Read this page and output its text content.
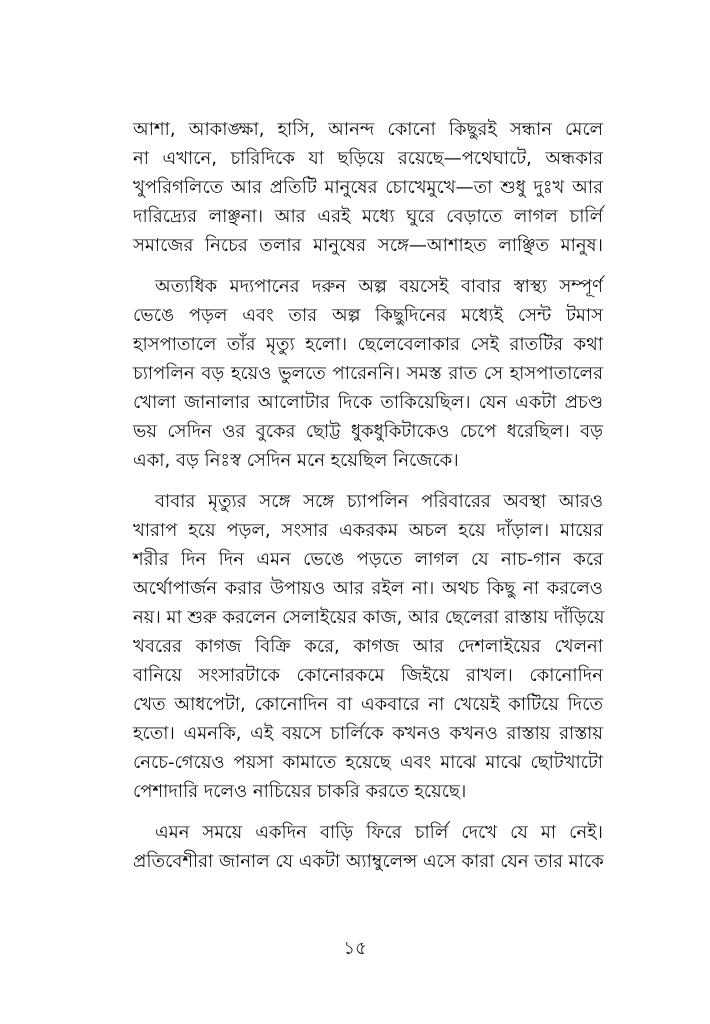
আশা, আকাঙ্ক্ষা, হাসি, আনন্দ কোনো কিছুরই সন্ধান মেলে
না এখানে, চারিদিকে যা ছড়িয়ে রয়েছে—পথেঘাটে, অন্ধকার
খুপরিগলিতে আর প্রতিটি মানুষের চোখেমুখে—তা শুধু দুঃখ আর
দারিদ্র্যের লাঞ্ছনা। আর এরই মধ্যে ঘুরে বেড়াতে লাগল চার্লি
সমাজের নিচের তলার মানুষের সঙ্গে—আশাহত লাঞ্ছিত মানুষ।
অত্যধিক মদ্যপানের দরুন অল্প বয়সেই বাবার স্বাস্থ্য সম্পূর্ণ
ভেঙে পড়ল এবং তার অল্প কিছুদিনের মধ্যেই সেন্ট টমাস
হাসপাতালে তাঁর মৃত্যু হলো। ছেলেবেলাকার সেই রাতটির কথা
চ্যাপলিন বড় হয়েও ভুলতে পারেননি। সমস্ত রাত সে হাসপাতালের
খোলা জানালার আলোটার দিকে তাকিয়েছিল। যেন একটা প্রচণ্ড
ভয় সেদিন ওর বুকের ছোট্ট ধুকধুকিটাকেও চেপে ধরেছিল। বড়
একা, বড় নিঃস্ব সেদিন মনে হয়েছিল নিজেকে।
বাবার মৃত্যুর সঙ্গে সঙ্গে চ্যাপলিন পরিবারের অবস্থা আরও
খারাপ হয়ে পড়ল, সংসার একরকম অচল হয়ে দাঁড়াল। মায়ের
শরীর দিন দিন এমন ভেঙে পড়তে লাগল যে নাচ-গান করে
অর্থোপার্জন করার উপায়ও আর রইল না। অথচ কিছু না করলেও
নয়। মা শুরু করলেন সেলাইয়ের কাজ, আর ছেলেরা রাস্তায় দাঁড়িয়ে
খবরের কাগজ বিক্রি করে, কাগজ আর দেশলাইয়ের খেলনা
বানিয়ে সংসারটাকে কোনোরকমে জিইয়ে রাখল। কোনোদিন
খেত আধপেটা, কোনোদিন বা একবারে না খেয়েই কাটিয়ে দিতে
হতো। এমনকি, এই বয়সে চার্লিকে কখনও কখনও রাস্তায় রাস্তায়
নেচে-গেয়েও পয়সা কামাতে হয়েছে এবং মাঝে মাঝে ছোটখাটো
পেশাদারি দলেও নাচিয়ের চাকরি করতে হয়েছে।
এমন সময়ে একদিন বাড়ি ফিরে চার্লি দেখে যে মা নেই।
প্রতিবেশীরা জানাল যে একটা অ্যাম্বুলেন্স এসে কারা যেন তার মাকে
১৫
